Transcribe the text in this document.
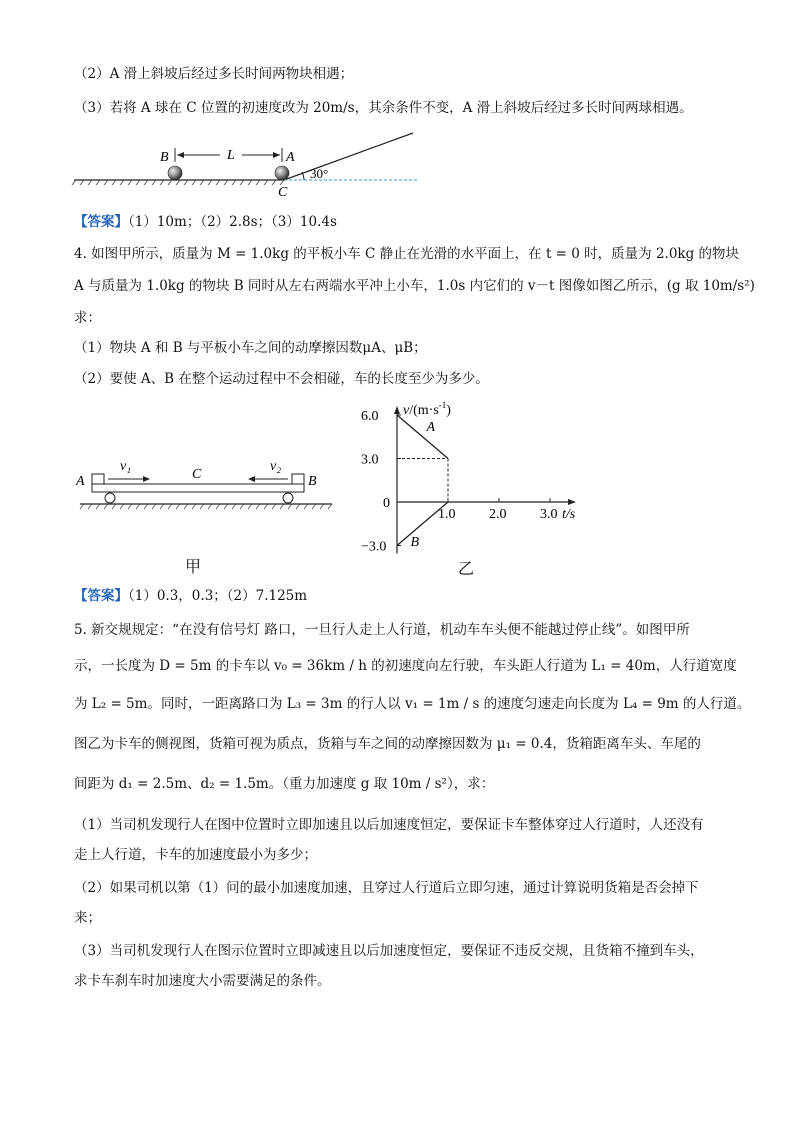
（2）A 滑上斜坡后经过多长时间两物块相遇；
（3）若将 A 球在 C 位置的初速度改为 20m/s，其余条件不变，A 滑上斜坡后经过多长时间两球相遇。
B	L	A
C
30°
【答案】（1）10m；（2）2.8s；（3）10.4s
4. 如图甲所示，质量为 M = 1.0kg 的平板小车 C 静止在光滑的水平面上，在 t = 0 时，质量为 2.0kg 的物块
A 与质量为 1.0kg 的物块 B 同时从左右两端水平冲上小车，1.0s 内它们的 v－t 图像如图乙所示，(g 取 10m/s²)
求：
（1）物块 A 和 B 与平板小车之间的动摩擦因数μA、μB；
（2）要使 A、B 在整个运动过程中不会相碰，车的长度至少为多少。
A	B
C
v₁	v₂
甲
6.0
3.0
0
−3.0
1.0 2.0 3.0
A
B
$v/(m\cdot s^{-1})$
t/s
乙
【答案】（1）0.3，0.3；（2）7.125m
5. 新交规规定：“在没有信号灯 路口，一旦行人走上人行道，机动车车头便不能越过停止线”。如图甲所
示，一长度为 D = 5m 的卡车以 v₀ = 36km / h 的初速度向左行驶，车头距人行道为 L₁ = 40m，人行道宽度
为 L₂ = 5m。同时，一距离路口为 L₃ = 3m 的行人以 v₁ = 1m / s 的速度匀速走向长度为 L₄ = 9m 的人行道。
图乙为卡车的侧视图，货箱可视为质点，货箱与车之间的动摩擦因数为 μ₁ = 0.4，货箱距离车头、车尾的
间距为 d₁ = 2.5m、d₂ = 1.5m。（重力加速度 g 取 10m / s²），求：
（1）当司机发现行人在图中位置时立即加速且以后加速度恒定，要保证卡车整体穿过人行道时，人还没有
走上人行道，卡车的加速度最小为多少；
（2）如果司机以第（1）问的最小加速度加速，且穿过人行道后立即匀速，通过计算说明货箱是否会掉下
来；
（3）当司机发现行人在图示位置时立即减速且以后加速度恒定，要保证不违反交规，且货箱不撞到车头，
求卡车刹车时加速度大小需要满足的条件。
